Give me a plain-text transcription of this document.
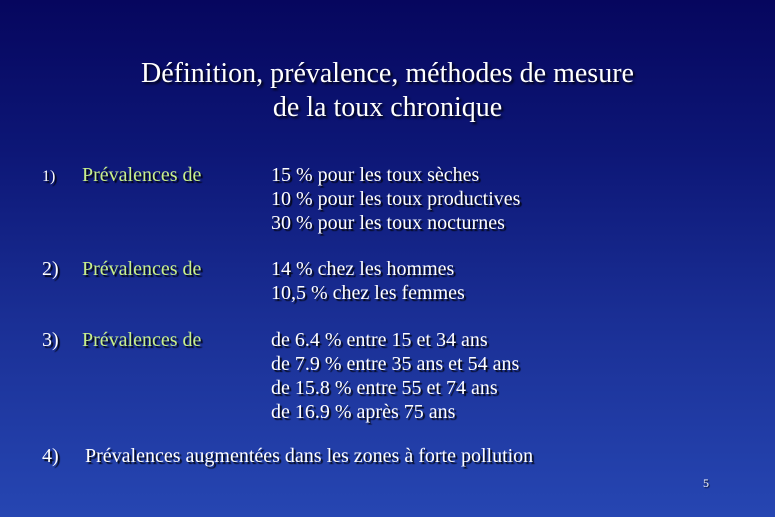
Définition, prévalence, méthodes de mesure
de la toux chronique
1) Prévalences de	15 % pour les toux sèches
10 % pour les toux productives
30 % pour les toux nocturnes
2) Prévalences de	14 % chez les hommes
10,5 % chez les femmes
3) Prévalences de	de 6.4 % entre 15 et 34 ans
de 7.9 % entre 35 ans et 54 ans
de 15.8 % entre 55 et 74 ans
de 16.9 % après 75 ans
4) Prévalences augmentées dans les zones à forte pollution
5
